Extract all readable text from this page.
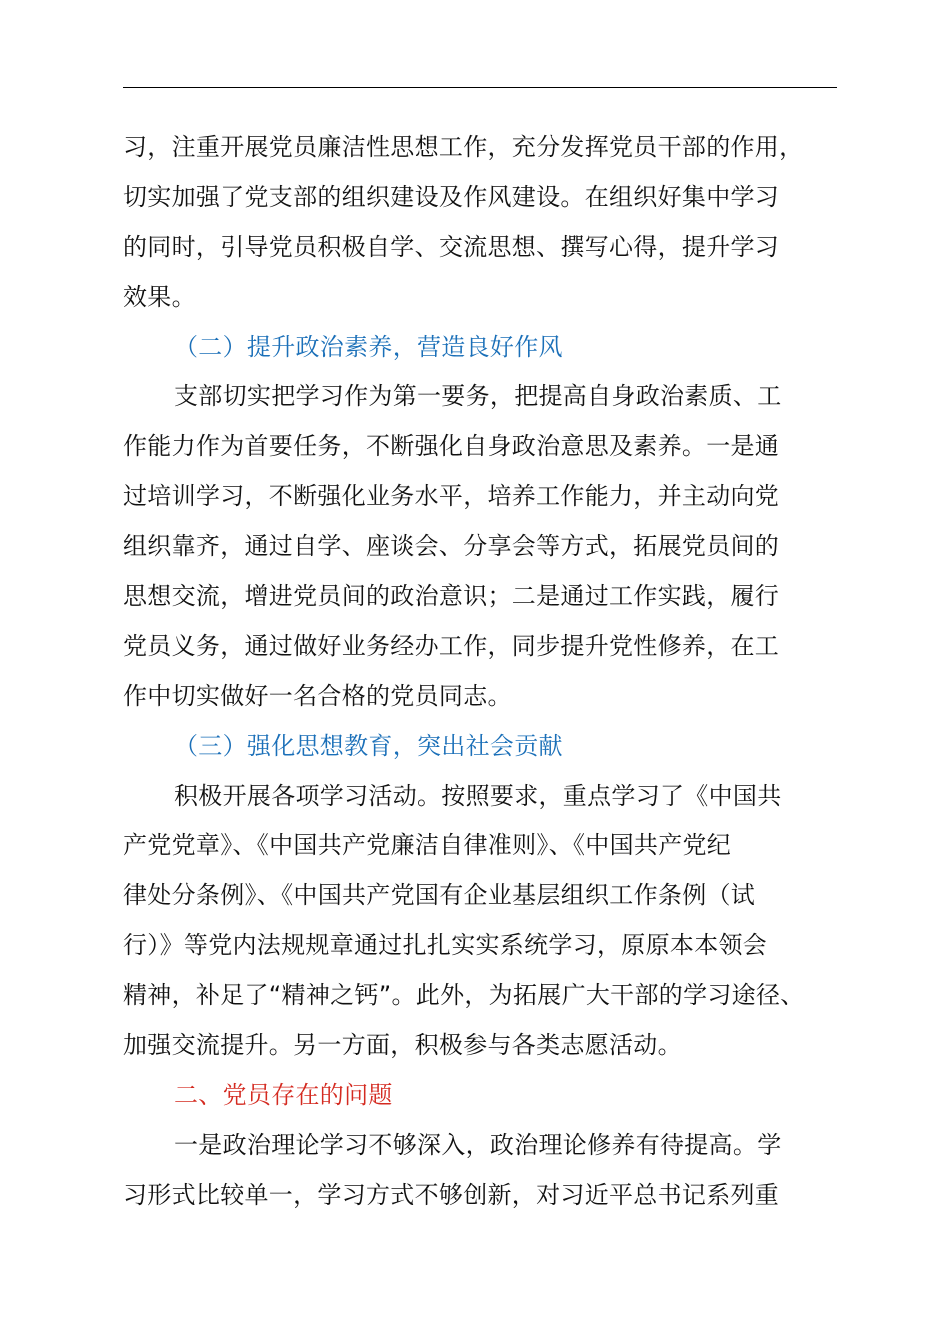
习，注重开展党员廉洁性思想工作，充分发挥党员干部的作用，
切实加强了党支部的组织建设及作风建设。在组织好集中学习
的同时，引导党员积极自学、交流思想、撰写心得，提升学习
效果。
（二）提升政治素养，营造良好作风
支部切实把学习作为第一要务，把提高自身政治素质、工
作能力作为首要任务，不断强化自身政治意思及素养。一是通
过培训学习，不断强化业务水平，培养工作能力，并主动向党
组织靠齐，通过自学、座谈会、分享会等方式，拓展党员间的
思想交流，增进党员间的政治意识；二是通过工作实践，履行
党员义务，通过做好业务经办工作，同步提升党性修养，在工
作中切实做好一名合格的党员同志。
（三）强化思想教育，突出社会贡献
积极开展各项学习活动。按照要求，重点学习了《中国共
产党党章》、《中国共产党廉洁自律准则》、《中国共产党纪
律处分条例》、《中国共产党国有企业基层组织工作条例（试
行）》等党内法规规章通过扎扎实实系统学习，原原本本领会
精神，补足了“精神之钙”。此外，为拓展广大干部的学习途径、
加强交流提升。另一方面，积极参与各类志愿活动。
二、党员存在的问题
一是政治理论学习不够深入，政治理论修养有待提高。学
习形式比较单一，学习方式不够创新，对习近平总书记系列重
